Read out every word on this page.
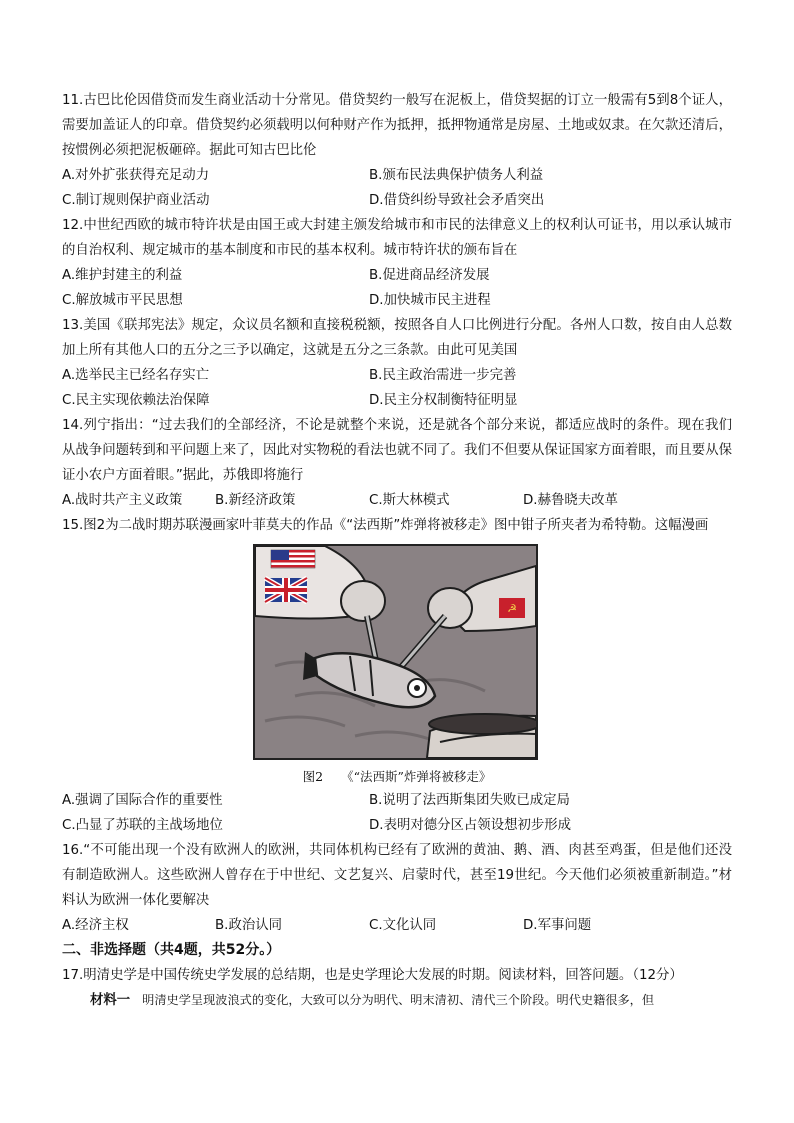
11.古巴比伦因借贷而发生商业活动十分常见。借贷契约一般写在泥板上，借贷契据的订立一般需有5到8个证人，需要加盖证人的印章。借贷契约必须载明以何种财产作为抵押，抵押物通常是房屋、土地或奴隶。在欠款还清后，按惯例必须把泥板砸碎。据此可知古巴比伦

A.对外扩张获得充足动力	B.颁布民法典保护债务人利益
C.制订规则保护商业活动	D.借贷纠纷导致社会矛盾突出

12.中世纪西欧的城市特许状是由国王或大封建主颁发给城市和市民的法律意义上的权利认可证书，用以承认城市的自治权利、规定城市的基本制度和市民的基本权利。城市特许状的颁布旨在

A.维护封建主的利益	B.促进商品经济发展
C.解放城市平民思想	D.加快城市民主进程

13.美国《联邦宪法》规定，众议员名额和直接税税额，按照各自人口比例进行分配。各州人口数，按自由人总数加上所有其他人口的五分之三予以确定，这就是五分之三条款。由此可见美国

A.选举民主已经名存实亡	B.民主政治需进一步完善
C.民主实现依赖法治保障	D.民主分权制衡特征明显

14.列宁指出：“过去我们的全部经济，不论是就整个来说，还是就各个部分来说，都适应战时的条件。现在我们从战争问题转到和平问题上来了，因此对实物税的看法也就不同了。我们不但要从保证国家方面着眼，而且要从保证小农户方面着眼。”据此，苏俄即将施行

A.战时共产主义政策	B.新经济政策	C.斯大林模式	D.赫鲁晓夫改革

15.图2为二战时期苏联漫画家叶菲莫夫的作品《“法西斯”炸弹将被移走》图中钳子所夹者为希特勒。这幅漫画

☭
图2 《“法西斯”炸弹将被移走》
A.强调了国际合作的重要性	B.说明了法西斯集团失败已成定局
C.凸显了苏联的主战场地位	D.表明对德分区占领设想初步形成

16.“不可能出现一个没有欧洲人的欧洲，共同体机构已经有了欧洲的黄油、鹅、酒、肉甚至鸡蛋，但是他们还没有制造欧洲人。这些欧洲人曾存在于中世纪、文艺复兴、启蒙时代，甚至19世纪。今天他们必须被重新制造。”材料认为欧洲一体化要解决

A.经济主权	B.政治认同	C.文化认同	D.军事问题

二、非选择题（共4题，共52分。）

17.明清史学是中国传统史学发展的总结期，也是史学理论大发展的时期。阅读材料，回答问题。（12分）

材料一 明清史学呈现波浪式的变化，大致可以分为明代、明末清初、清代三个阶段。明代史籍很多，但
